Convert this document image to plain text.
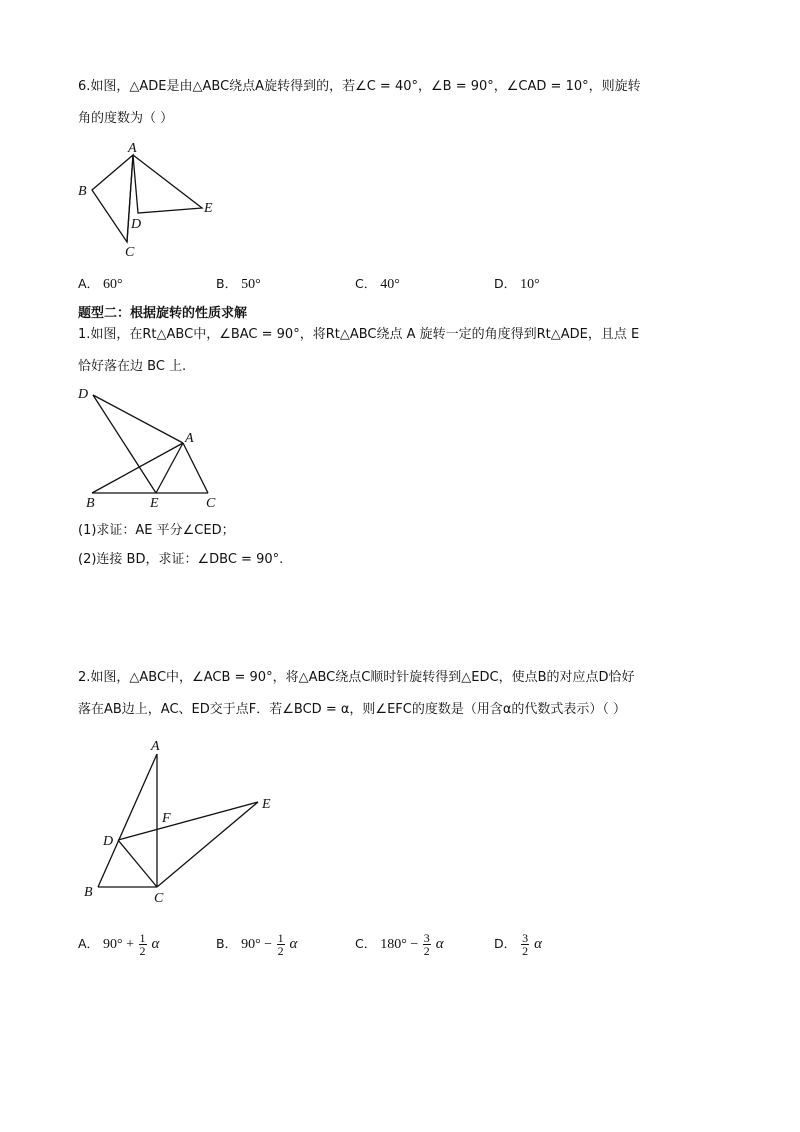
6.如图，△ADE是由△ABC绕点A旋转得到的，若∠C = 40°，∠B = 90°，∠CAD = 10°，则旋转
角的度数为（ ）
A
B
C
D
E
A． 60°	B． 50°	C． 40°	D． 10°
题型二：根据旋转的性质求解
1.如图，在Rt△ABC中，∠BAC = 90°，将Rt△ABC绕点 A 旋转一定的角度得到Rt△ADE，且点 E
恰好落在边 BC 上.
D
A
B	E	C
(1)求证：AE 平分∠CED；
(2)连接 BD，求证：∠DBC = 90°.
2.如图，△ABC中，∠ACB = 90°，将△ABC绕点C顺时针旋转得到△EDC，使点B的对应点D恰好
落在AB边上，AC、ED交于点F．若∠BCD = α，则∠EFC的度数是（用含α的代数式表示）（ ）
A
E
F
D
B	C
A． $90^\circ + \frac{1}{2}$ α	B． $90^\circ - \frac{1}{2}$ α	C． $180^\circ - \frac{3}{2}$ α	D． $\frac{3}{2}$ α
